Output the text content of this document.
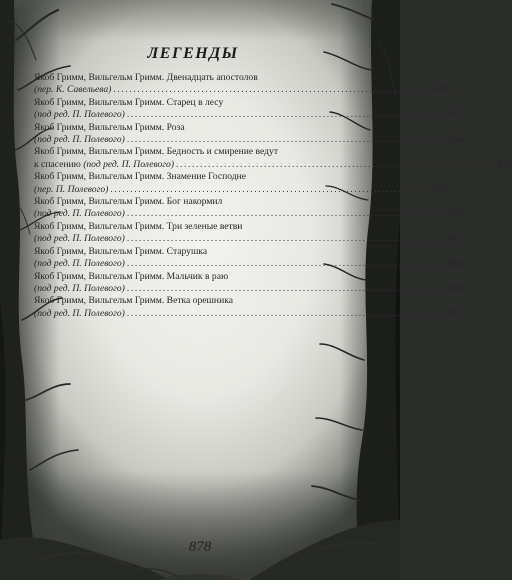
ЛЕГЕНДЫ
Якоб Гримм, Вильгельм Гримм. Двенадцать апостолов
(пер. К. Савельева) ................................................................................ 851
Якоб Гримм, Вильгельм Гримм. Старец в лесу
(под ред. П. Полевого) ................................................................................ 853
Якоб Гримм, Вильгельм Гримм. Роза
(под ред. П. Полевого) ................................................................................ 856
Якоб Гримм, Вильгельм Гримм. Бедность и смирение ведут
к спасению (под ред. П. Полевого) ................................................................................ 857
Якоб Гримм, Вильгельм Гримм. Знамение Господне
(пер. П. Полевого) ................................................................................ 859
Якоб Гримм, Вильгельм Гримм. Бог накормил
(под ред. П. Полевого) ................................................................................ 860
Якоб Гримм, Вильгельм Гримм. Три зеленые ветви
(под ред. П. Полевого) ................................................................................ 861
Якоб Гримм, Вильгельм Гримм. Старушка
(под ред. П. Полевого) ................................................................................ 864
Якоб Гримм, Вильгельм Гримм. Мальчик в раю
(под ред. П. Полевого) ................................................................................ 865
Якоб Гримм, Вильгельм Гримм. Ветка орешника
(под ред. П. Полевого) ................................................................................ 867
878
